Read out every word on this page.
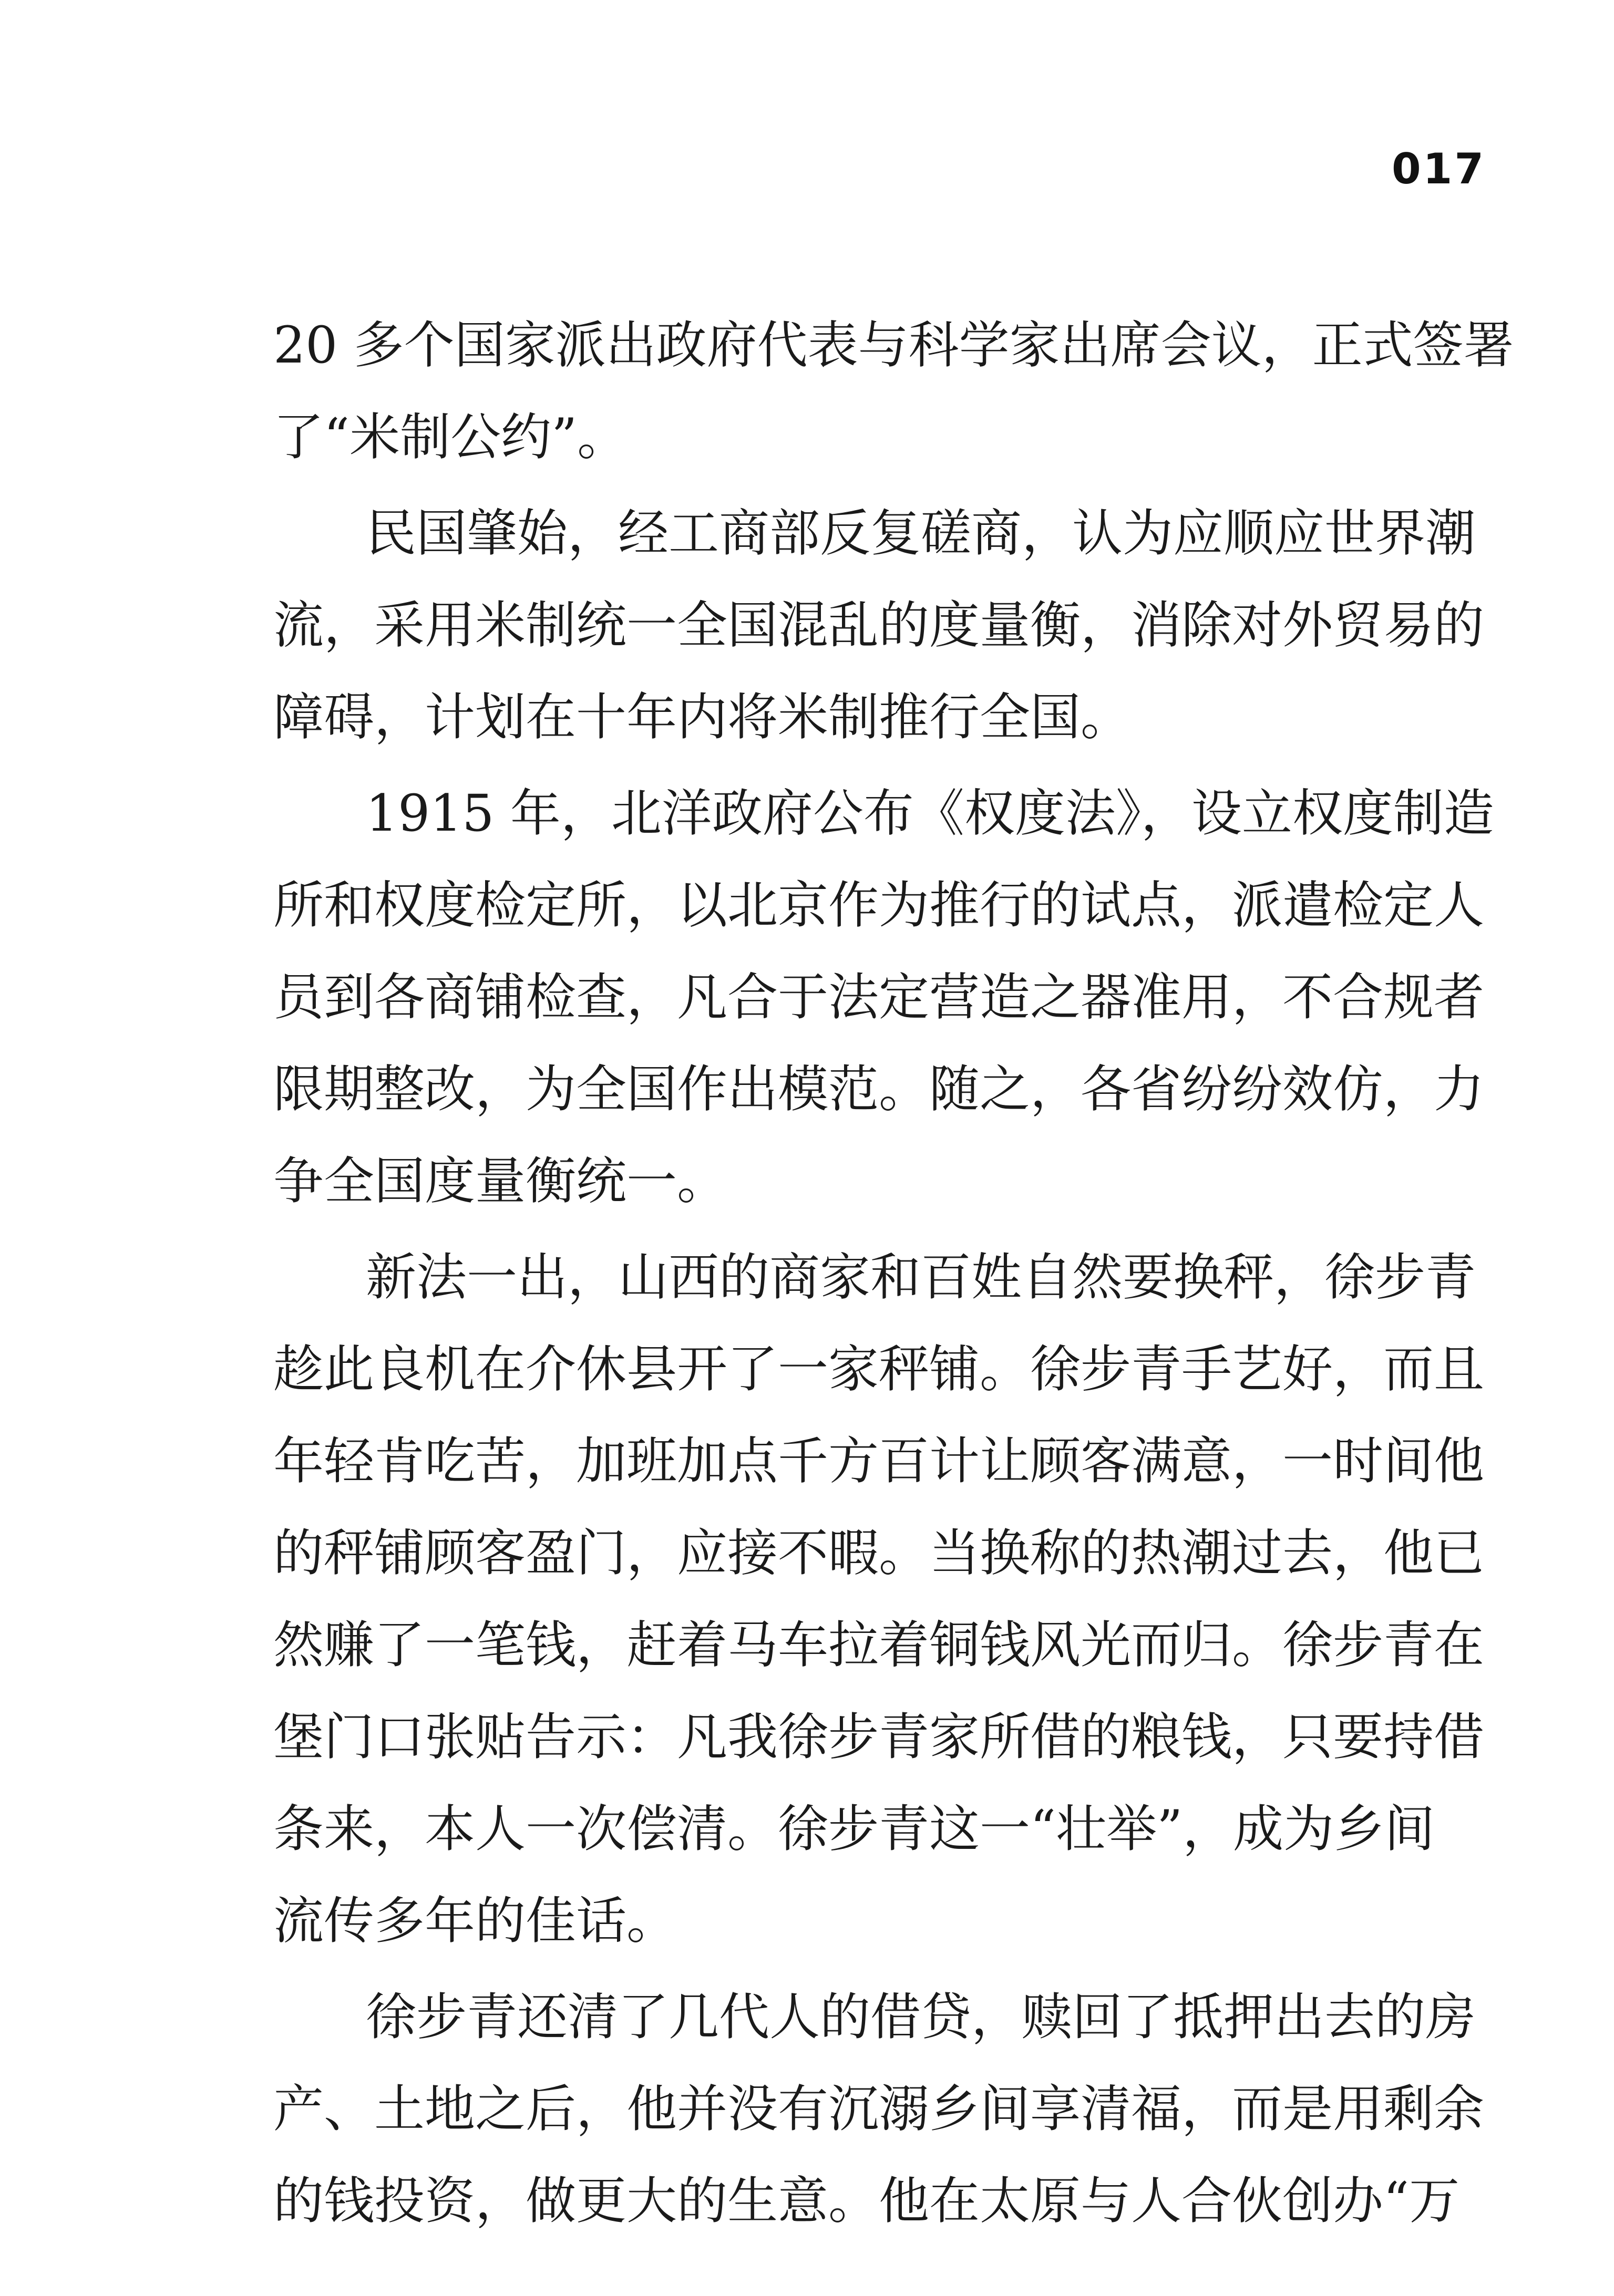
017
20 多个国家派出政府代表与科学家出席会议，正式签署
了“米制公约”。
民国肇始，经工商部反复磋商，认为应顺应世界潮
流，采用米制统一全国混乱的度量衡，消除对外贸易的
障碍，计划在十年内将米制推行全国。
1915 年，北洋政府公布《权度法》，设立权度制造
所和权度检定所，以北京作为推行的试点，派遣检定人
员到各商铺检查，凡合于法定营造之器准用，不合规者
限期整改，为全国作出模范。随之，各省纷纷效仿，力
争全国度量衡统一。
新法一出，山西的商家和百姓自然要换秤，徐步青
趁此良机在介休县开了一家秤铺。徐步青手艺好，而且
年轻肯吃苦，加班加点千方百计让顾客满意，一时间他
的秤铺顾客盈门，应接不暇。当换称的热潮过去，他已
然赚了一笔钱，赶着马车拉着铜钱风光而归。徐步青在
堡门口张贴告示：凡我徐步青家所借的粮钱，只要持借
条来，本人一次偿清。徐步青这一“壮举”，成为乡间
流传多年的佳话。
徐步青还清了几代人的借贷，赎回了抵押出去的房
产、土地之后，他并没有沉溺乡间享清福，而是用剩余
的钱投资，做更大的生意。他在太原与人合伙创办“万
